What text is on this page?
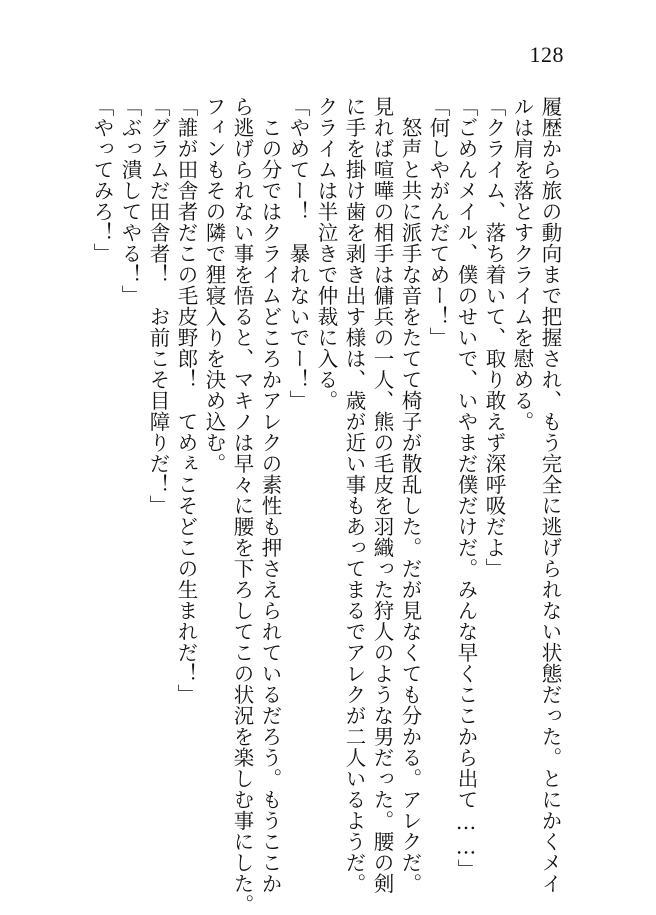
128
履歴から旅の動向まで把握され、もう完全に逃げられない状態だった。とにかくメイ
ルは肩を落とすクライムを慰める。
「クライム、落ち着いて、取り敢えず深呼吸だよ」
「ごめんメイル、僕のせいで、いやまだ僕だけだ。みんな早くここから出て……」
「何しやがんだてめー！」
　怒声と共に派手な音をたてて椅子が散乱した。だが見なくても分かる。アレクだ。
見れば喧嘩の相手は傭兵の一人、熊の毛皮を羽織った狩人のような男だった。腰の剣
に手を掛け歯を剥き出す様は、歳が近い事もあってまるでアレクが二人いるようだ。
クライムは半泣きで仲裁に入る。
「やめてー！　暴れないでー！」
　この分ではクライムどころかアレクの素性も押さえられているだろう。もうここか
ら逃げられない事を悟ると、マキノは早々に腰を下ろしてこの状況を楽しむ事にした。
フィンもその隣で狸寝入りを決め込む。
「誰が田舎者だこの毛皮野郎！　てめぇこそどこの生まれだ！」
「グラムだ田舎者！　お前こそ目障りだ！」
「ぶっ潰してやる！」
「やってみろ！」
